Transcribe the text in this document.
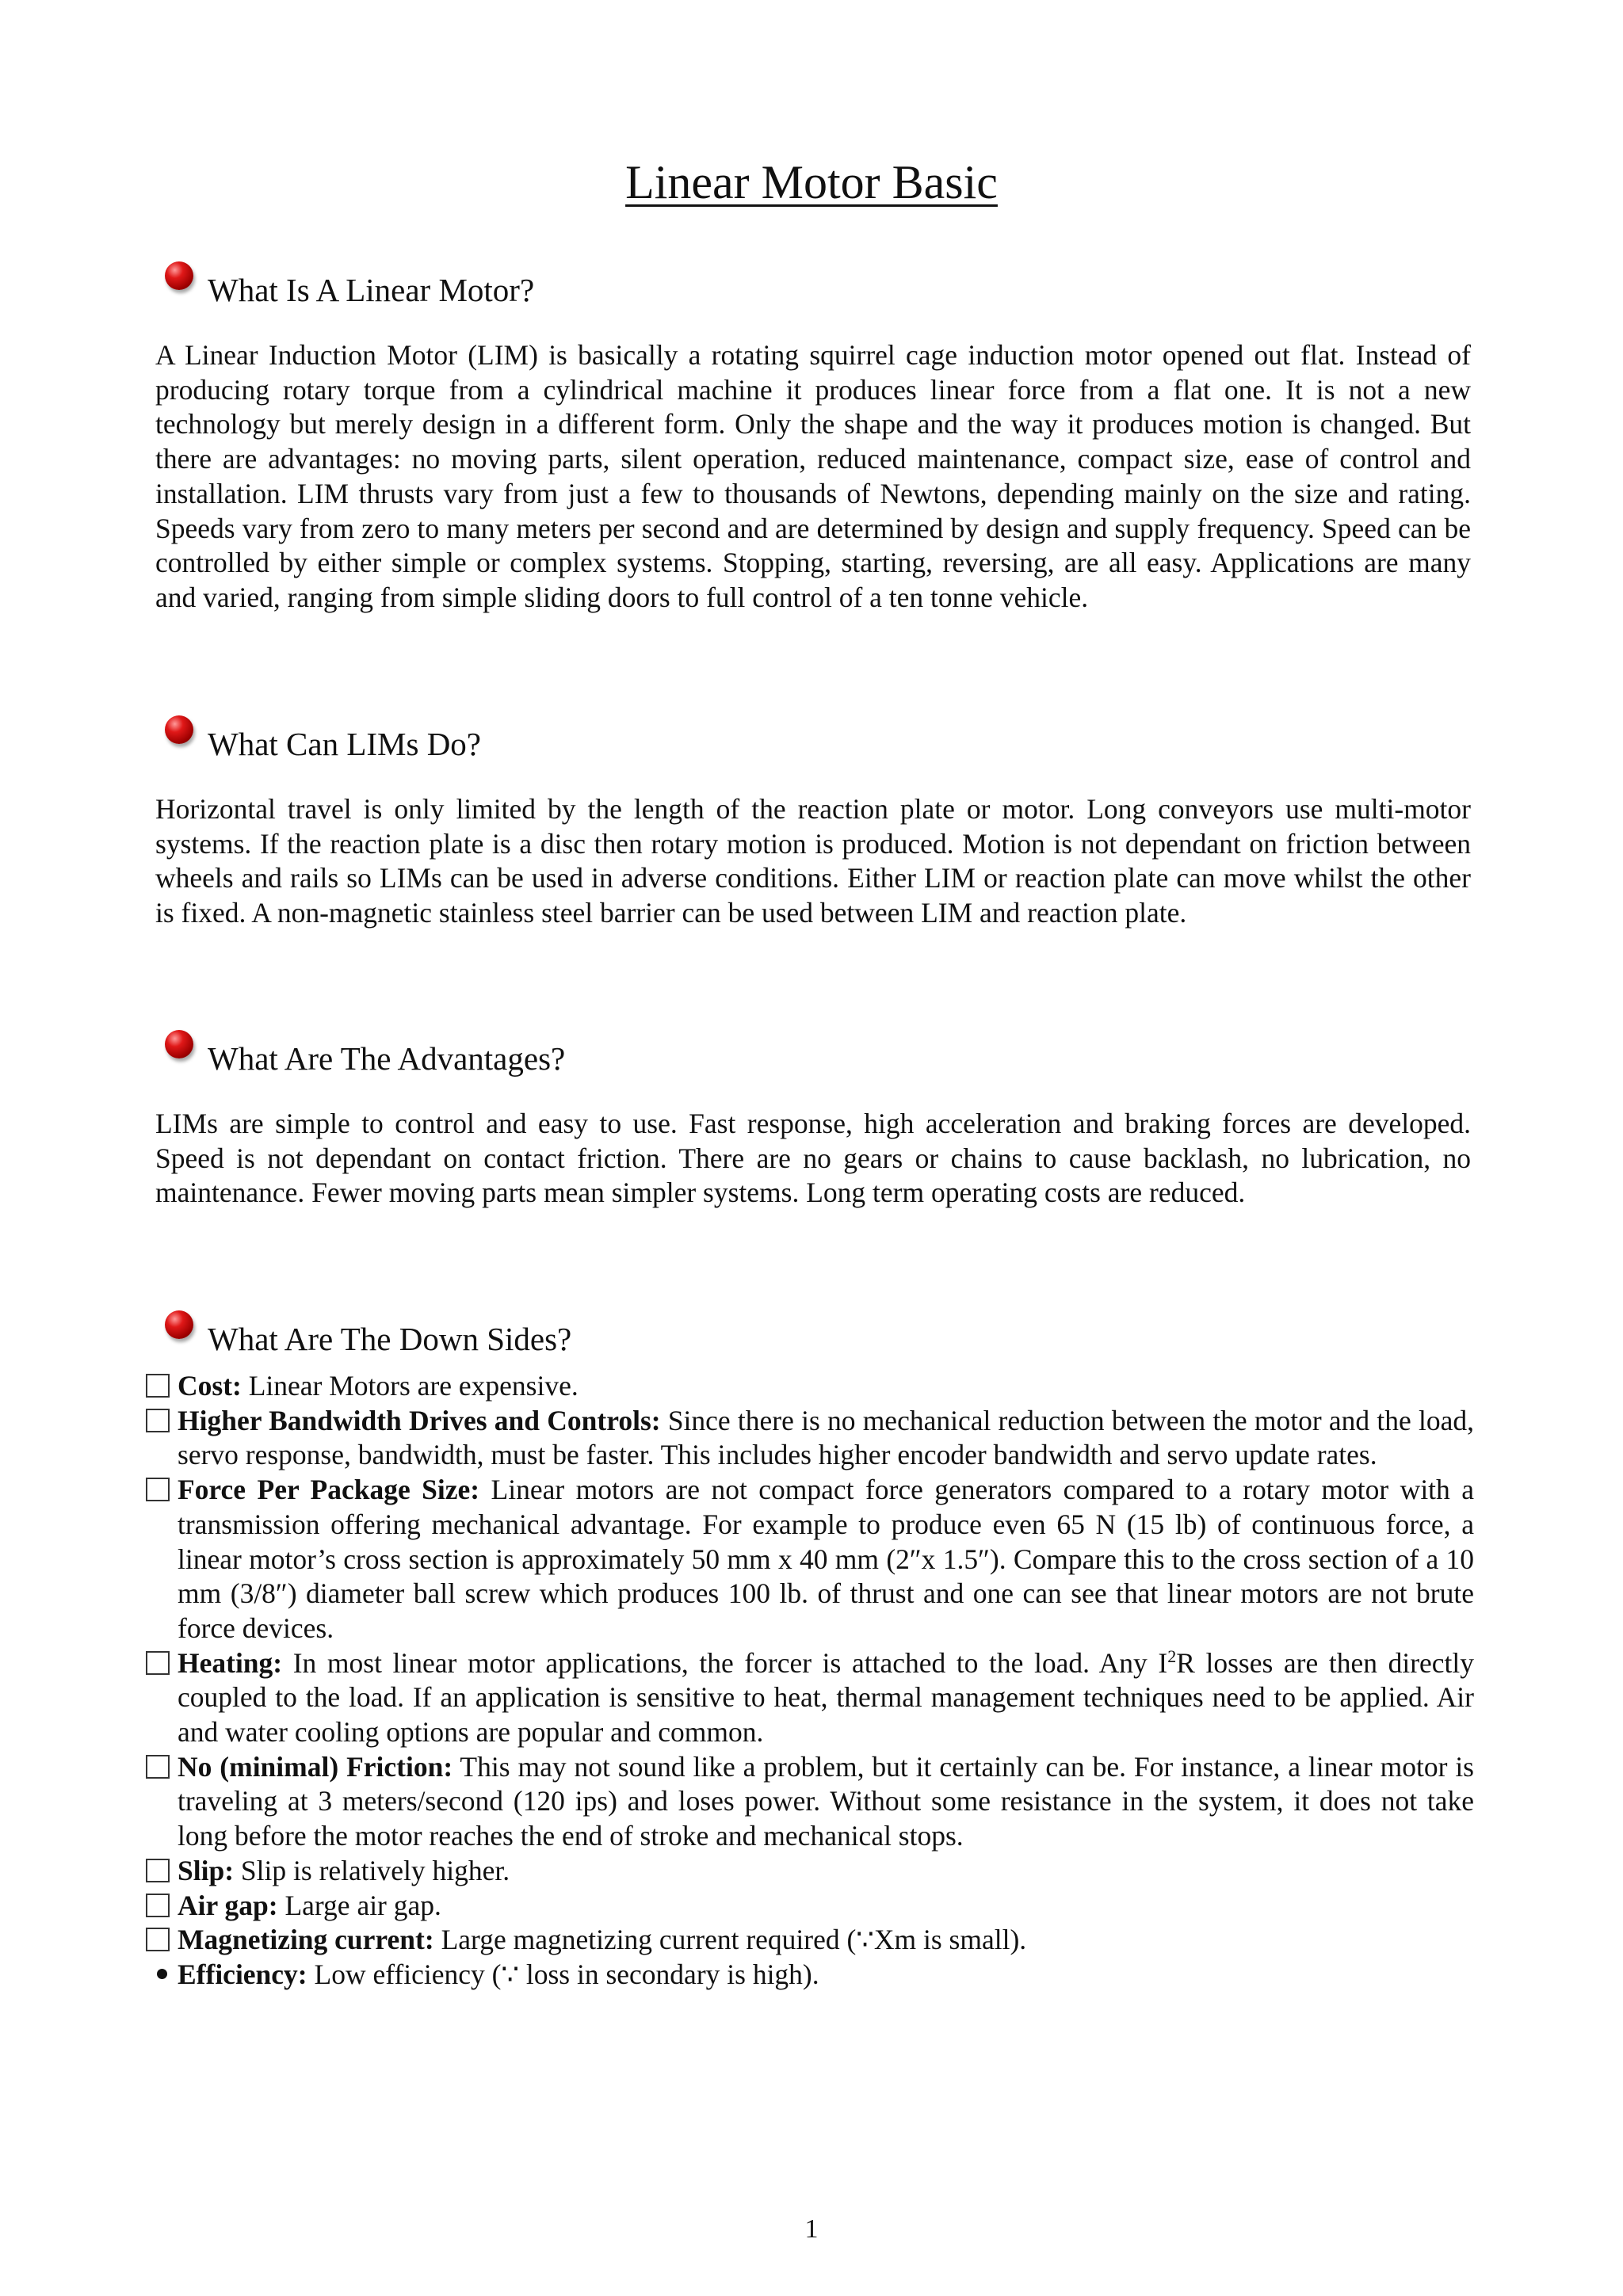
Linear Motor Basic
What Is A Linear Motor?

A Linear Induction Motor (LIM) is basically a rotating squirrel cage induction motor opened out flat. Instead of producing rotary torque from a cylindrical machine it produces linear force from a flat one. It is not a new technology but merely design in a different form. Only the shape and the way it produces motion is changed. But there are advantages: no moving parts, silent operation, reduced maintenance, compact size, ease of control and installation. LIM thrusts vary from just a few to thousands of Newtons, depending mainly on the size and rating. Speeds vary from zero to many meters per second and are determined by design and supply frequency. Speed can be controlled by either simple or complex systems. Stopping, starting, reversing, are all easy. Applications are many and varied, ranging from simple sliding doors to full control of a ten tonne vehicle.

What Can LIMs Do?

Horizontal travel is only limited by the length of the reaction plate or motor. Long conveyors use multi-motor systems. If the reaction plate is a disc then rotary motion is produced. Motion is not dependant on friction between wheels and rails so LIMs can be used in adverse conditions. Either LIM or reaction plate can move whilst the other is fixed. A non-magnetic stainless steel barrier can be used between LIM and reaction plate.

What Are The Advantages?

LIMs are simple to control and easy to use. Fast response, high acceleration and braking forces are developed. Speed is not dependant on contact friction. There are no gears or chains to cause backlash, no lubrication, no maintenance. Fewer moving parts mean simpler systems. Long term operating costs are reduced.

What Are The Down Sides?
Cost: Linear Motors are expensive.
Higher Bandwidth Drives and Controls: Since there is no mechanical reduction between the motor and the load, servo response, bandwidth, must be faster. This includes higher encoder bandwidth and servo update rates.
Force Per Package Size: Linear motors are not compact force generators compared to a rotary motor with a transmission offering mechanical advantage. For example to produce even 65 N (15 lb) of continuous force, a linear motor’s cross section is approximately 50 mm x 40 mm (2″x 1.5″). Compare this to the cross section of a 10 mm (3/8″) diameter ball screw which produces 100 lb. of thrust and one can see that linear motors are not brute force devices.
Heating: In most linear motor applications, the forcer is attached to the load. Any $I^2R$ losses are then directly coupled to the load. If an application is sensitive to heat, thermal management techniques need to be applied. Air and water cooling options are popular and common.
No (minimal) Friction: This may not sound like a problem, but it certainly can be. For instance, a linear motor is traveling at 3 meters/second (120 ips) and loses power. Without some resistance in the system, it does not take long before the motor reaches the end of stroke and mechanical stops.
Slip: Slip is relatively higher.
Air gap: Large air gap.
Magnetizing current: Large magnetizing current required (∵Xm is small).
Efficiency: Low efficiency (∵ loss in secondary is high).
1
